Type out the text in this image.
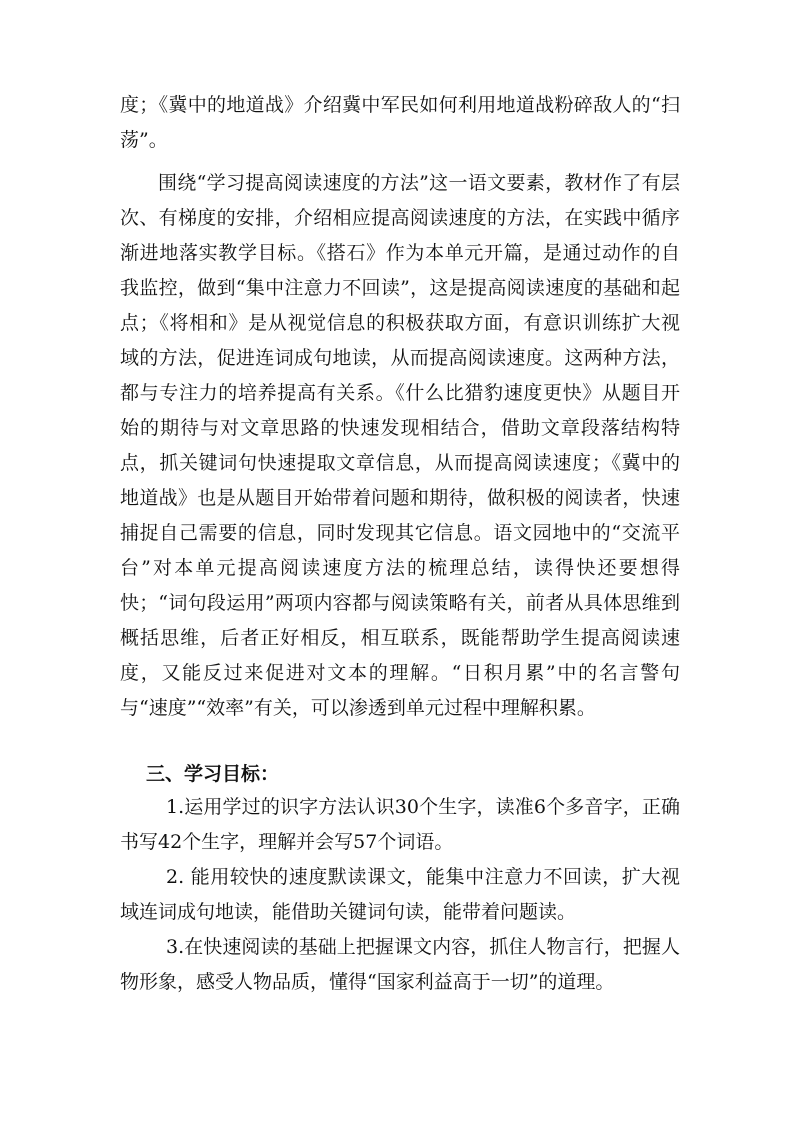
度；《冀中的地道战》介绍冀中军民如何利用地道战粉碎敌人的“扫荡”。

围绕“学习提高阅读速度的方法”这一语文要素，教材作了有层次、有梯度的安排，介绍相应提高阅读速度的方法，在实践中循序渐进地落实教学目标。《搭石》作为本单元开篇，是通过动作的自我监控，做到“集中注意力不回读”，这是提高阅读速度的基础和起点；《将相和》是从视觉信息的积极获取方面，有意识训练扩大视域的方法，促进连词成句地读，从而提高阅读速度。这两种方法，都与专注力的培养提高有关系。《什么比猎豹速度更快》从题目开始的期待与对文章思路的快速发现相结合，借助文章段落结构特点，抓关键词句快速提取文章信息，从而提高阅读速度；《冀中的地道战》也是从题目开始带着问题和期待，做积极的阅读者，快速捕捉自己需要的信息，同时发现其它信息。语文园地中的“交流平台”对本单元提高阅读速度方法的梳理总结，读得快还要想得快；“词句段运用”两项内容都与阅读策略有关，前者从具体思维到概括思维，后者正好相反，相互联系，既能帮助学生提高阅读速度，又能反过来促进对文本的理解。“日积月累”中的名言警句与“速度”“效率”有关，可以渗透到单元过程中理解积累。

三、学习目标：

1.运用学过的识字方法认识30个生字，读准6个多音字，正确书写42个生字，理解并会写57个词语。

2. 能用较快的速度默读课文，能集中注意力不回读，扩大视域连词成句地读，能借助关键词句读，能带着问题读。

3.在快速阅读的基础上把握课文内容，抓住人物言行，把握人物形象，感受人物品质，懂得“国家利益高于一切”的道理。
